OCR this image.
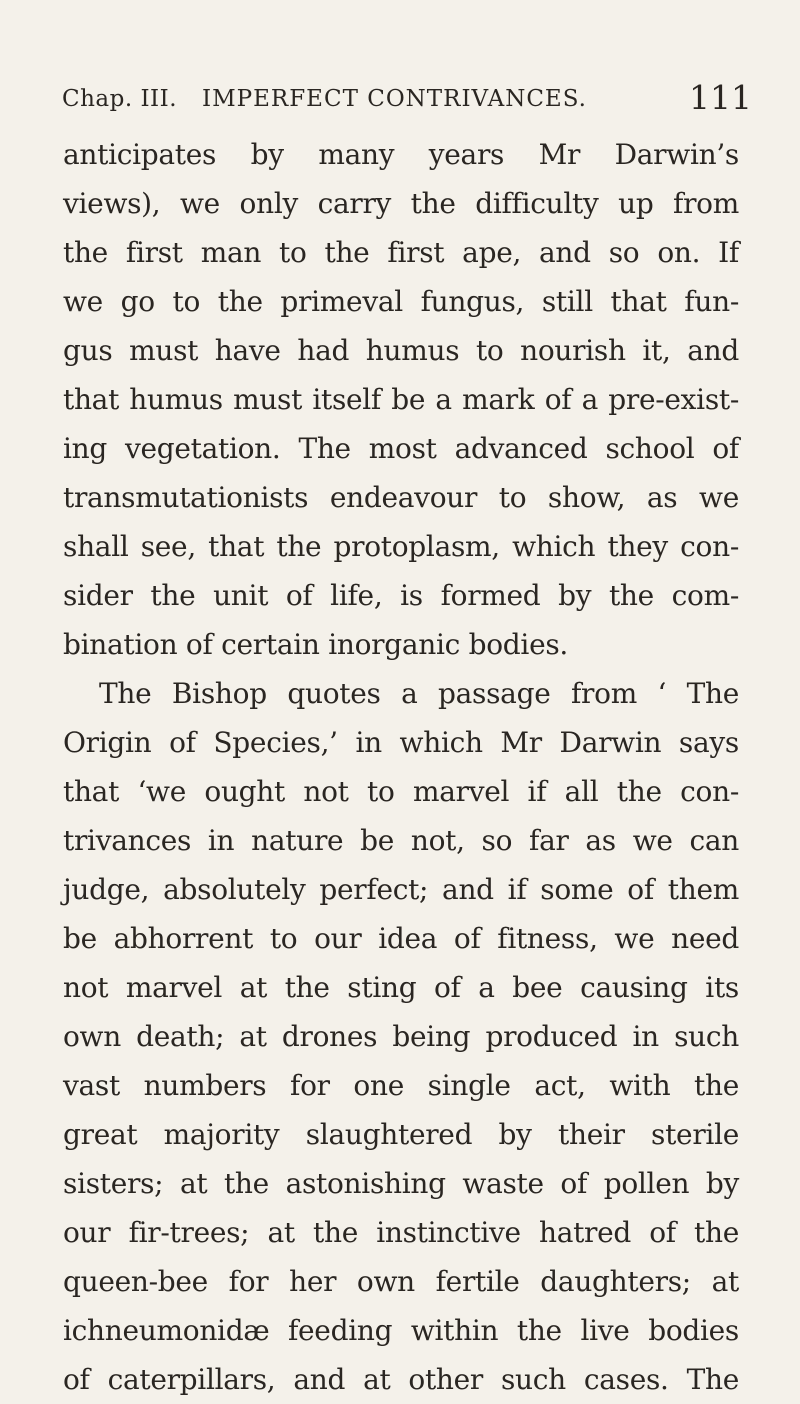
Chap. III. IMPERFECT CONTRIVANCES.	111
anticipates by many years Mr Darwin’s
views), we only carry the difficulty up from
the first man to the first ape, and so on. If
we go to the primeval fungus, still that fun-
gus must have had humus to nourish it, and
that humus must itself be a mark of a pre-exist-
ing vegetation. The most advanced school of
transmutationists endeavour to show, as we
shall see, that the protoplasm, which they con-
sider the unit of life, is formed by the com-
bination of certain inorganic bodies.
The Bishop quotes a passage from ‘ The
Origin of Species,’ in which Mr Darwin says
that ‘we ought not to marvel if all the con-
trivances in nature be not, so far as we can
judge, absolutely perfect; and if some of them
be abhorrent to our idea of fitness, we need
not marvel at the sting of a bee causing its
own death; at drones being produced in such
vast numbers for one single act, with the
great majority slaughtered by their sterile
sisters; at the astonishing waste of pollen by
our fir-trees; at the instinctive hatred of the
queen-bee for her own fertile daughters; at
ichneumonidæ feeding within the live bodies
of caterpillars, and at other such cases. The
